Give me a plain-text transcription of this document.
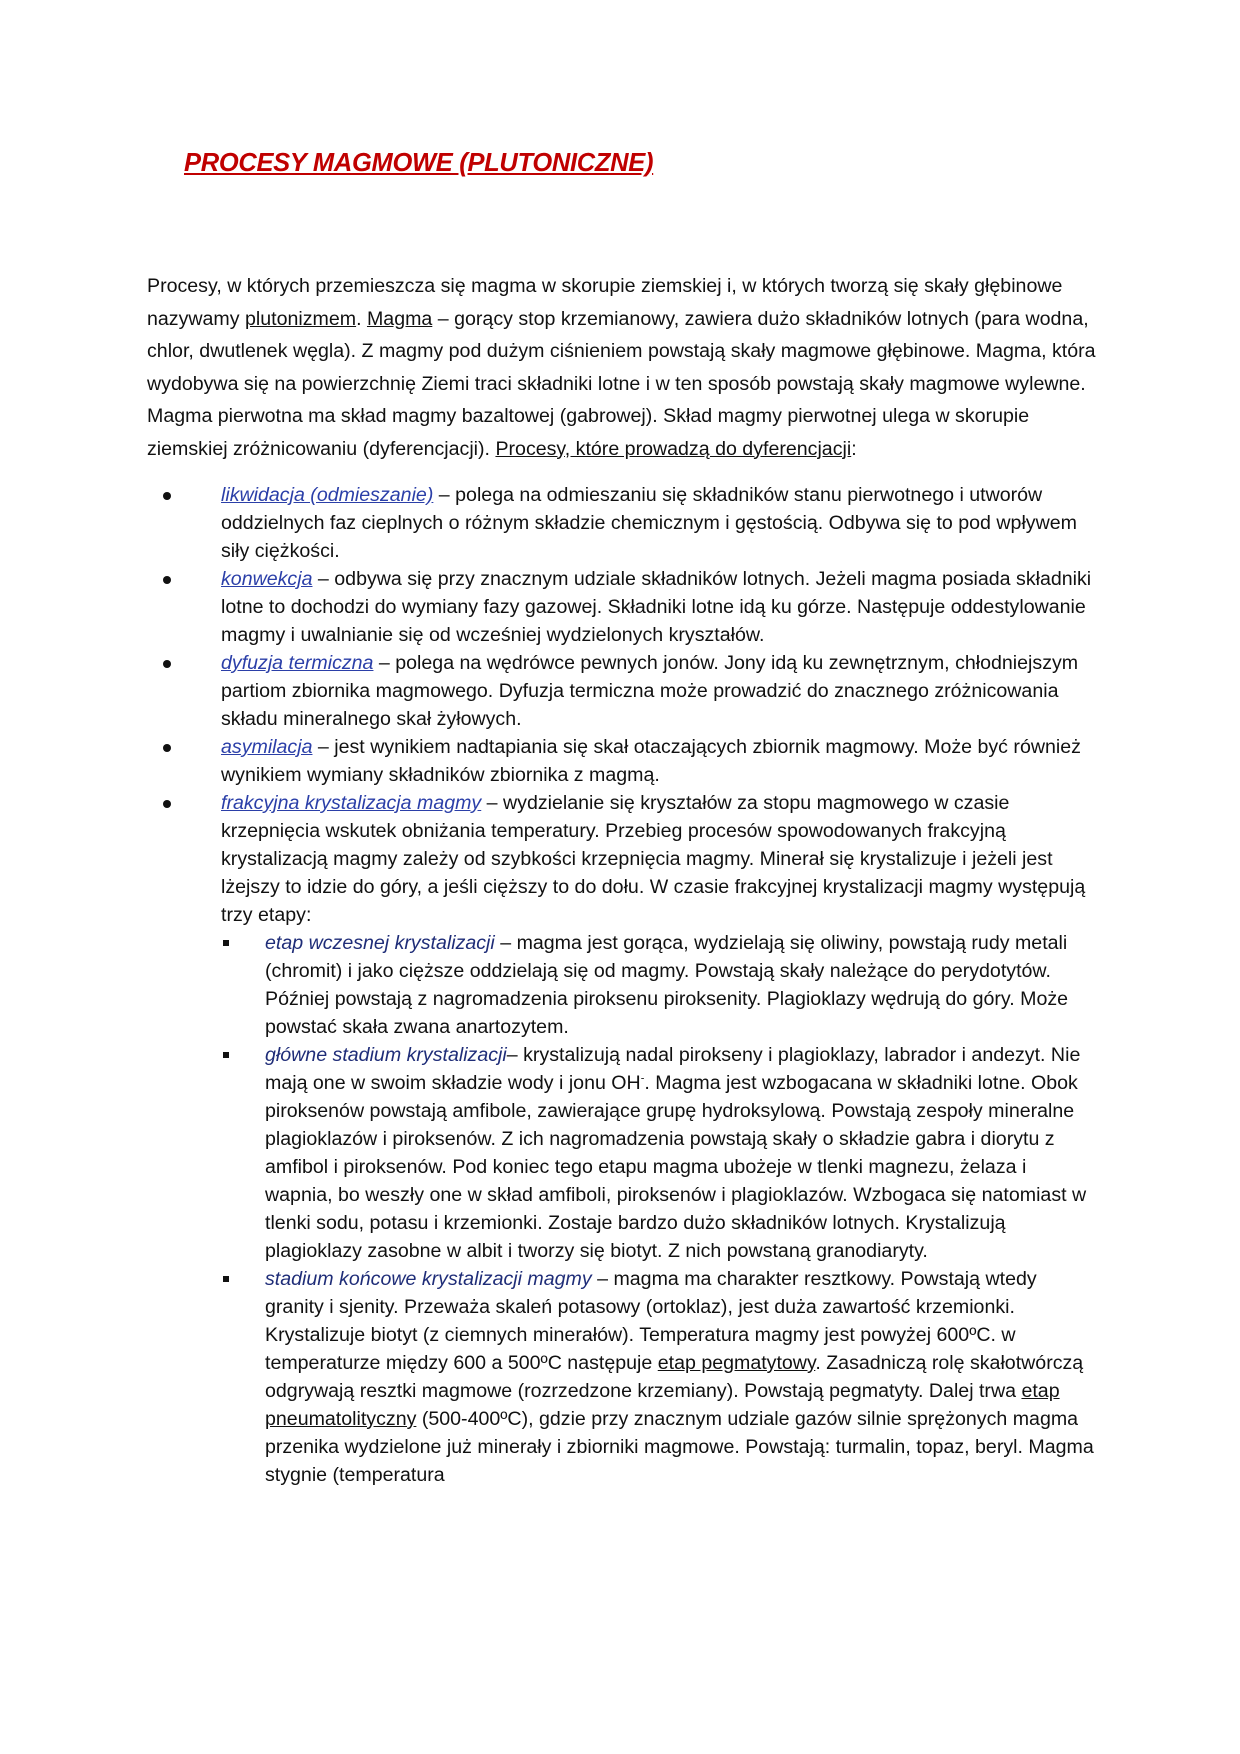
PROCESY MAGMOWE (PLUTONICZNE)

Procesy, w których przemieszcza się magma w skorupie ziemskiej i, w których tworzą się skały głębinowe nazywamy plutonizmem. Magma – gorący stop krzemianowy, zawiera dużo składników lotnych (para wodna, chlor, dwutlenek węgla). Z magmy pod dużym ciśnieniem powstają skały magmowe głębinowe. Magma, która wydobywa się na powierzchnię Ziemi traci składniki lotne i w ten sposób powstają skały magmowe wylewne. Magma pierwotna ma skład magmy bazaltowej (gabrowej). Skład magmy pierwotnej ulega w skorupie ziemskiej zróżnicowaniu (dyferencjacji). Procesy, które prowadzą do dyferencjacji:

likwidacja (odmieszanie) – polega na odmieszaniu się składników stanu pierwotnego i utworów oddzielnych faz cieplnych o różnym składzie chemicznym i gęstością. Odbywa się to pod wpływem siły ciężkości.
konwekcja – odbywa się przy znacznym udziale składników lotnych. Jeżeli magma posiada składniki lotne to dochodzi do wymiany fazy gazowej. Składniki lotne idą ku górze. Następuje oddestylowanie magmy i uwalnianie się od wcześniej wydzielonych kryształów.
dyfuzja termiczna – polega na wędrówce pewnych jonów. Jony idą ku zewnętrznym, chłodniejszym partiom zbiornika magmowego. Dyfuzja termiczna może prowadzić do znacznego zróżnicowania składu mineralnego skał żyłowych.
asymilacja – jest wynikiem nadtapiania się skał otaczających zbiornik magmowy. Może być również wynikiem wymiany składników zbiornika z magmą.
frakcyjna krystalizacja magmy – wydzielanie się kryształów za stopu magmowego w czasie krzepnięcia wskutek obniżania temperatury. Przebieg procesów spowodowanych frakcyjną krystalizacją magmy zależy od szybkości krzepnięcia magmy. Minerał się krystalizuje i jeżeli jest lżejszy to idzie do góry, a jeśli cięższy to do dołu. W czasie frakcyjnej krystalizacji magmy występują trzy etapy:
etap wczesnej krystalizacji – magma jest gorąca, wydzielają się oliwiny, powstają rudy metali (chromit) i jako cięższe oddzielają się od magmy. Powstają skały należące do perydotytów. Później powstają z nagromadzenia piroksenu piroksenity. Plagioklazy wędrują do góry. Może powstać skała zwana anartozytem.
główne stadium krystalizacji– krystalizują nadal pirokseny i plagioklazy, labrador i andezyt. Nie mają one w swoim składzie wody i jonu OH-. Magma jest wzbogacana w składniki lotne. Obok piroksenów powstają amfibole, zawierające grupę hydroksylową. Powstają zespoły mineralne plagioklazów i piroksenów. Z ich nagromadzenia powstają skały o składzie gabra i diorytu z amfibol i piroksenów. Pod koniec tego etapu magma ubożeje w tlenki magnezu, żelaza i wapnia, bo weszły one w skład amfiboli, piroksenów i plagioklazów. Wzbogaca się natomiast w tlenki sodu, potasu i krzemionki. Zostaje bardzo dużo składników lotnych. Krystalizują plagioklazy zasobne w albit i tworzy się biotyt. Z nich powstaną granodiaryty.
stadium końcowe krystalizacji magmy – magma ma charakter resztkowy. Powstają wtedy granity i sjenity. Przeważa skaleń potasowy (ortoklaz), jest duża zawartość krzemionki. Krystalizuje biotyt (z ciemnych minerałów). Temperatura magmy jest powyżej 600ºC. w temperaturze między 600 a 500ºC następuje etap pegmatytowy. Zasadniczą rolę skałotwórczą odgrywają resztki magmowe (rozrzedzone krzemiany). Powstają pegmatyty. Dalej trwa etap pneumatolityczny (500-400ºC), gdzie przy znacznym udziale gazów silnie sprężonych magma przenika wydzielone już minerały i zbiorniki magmowe. Powstają: turmalin, topaz, beryl. Magma stygnie (temperatura
